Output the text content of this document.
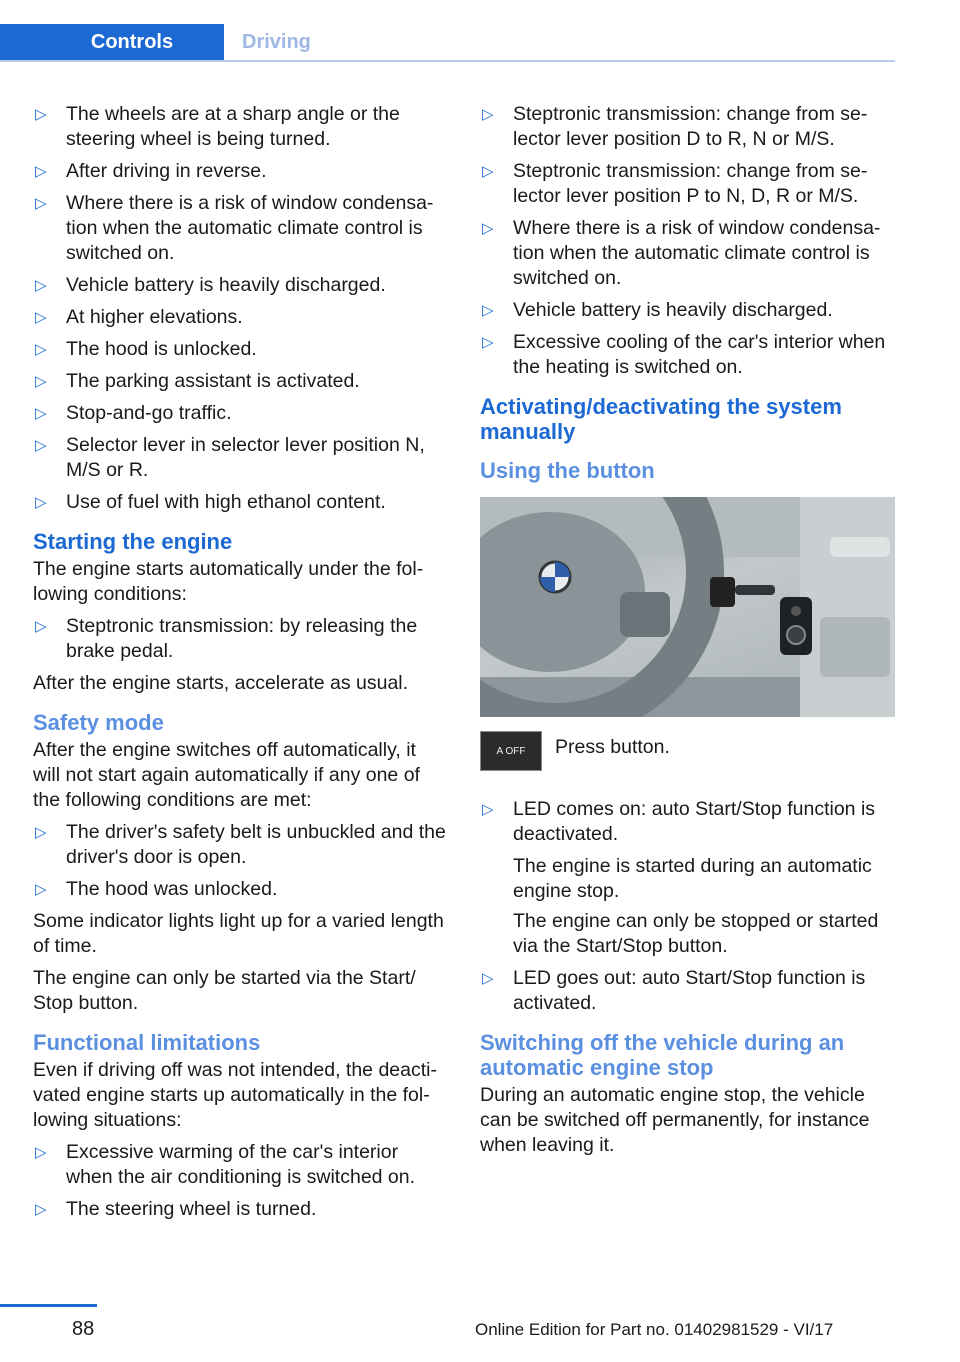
Controls	Driving
▷ The wheels are at a sharp angle or the steering wheel is being turned.
▷ After driving in reverse.
▷ Where there is a risk of window condensation when the automatic climate control is switched on.
▷ Vehicle battery is heavily discharged.
▷ At higher elevations.
▷ The hood is unlocked.
▷ The parking assistant is activated.
▷ Stop-and-go traffic.
▷ Selector lever in selector lever position N, M/S or R.
▷ Use of fuel with high ethanol content.
Starting the engine

The engine starts automatically under the following conditions:

▷ Steptronic transmission: by releasing the brake pedal.

After the engine starts, accelerate as usual.

Safety mode

After the engine switches off automatically, it will not start again automatically if any one of the following conditions are met:

▷ The driver's safety belt is unbuckled and the driver's door is open.
▷ The hood was unlocked.

Some indicator lights light up for a varied length of time.

The engine can only be started via the Start/ Stop button.

Functional limitations

Even if driving off was not intended, the deactivated engine starts up automatically in the following situations:

▷ Excessive warming of the car's interior when the air conditioning is switched on.
▷ The steering wheel is turned.
▷ Steptronic transmission: change from selector lever position D to R, N or M/S.
▷ Steptronic transmission: change from selector lever position P to N, D, R or M/S.
▷ Where there is a risk of window condensation when the automatic climate control is switched on.
▷ Vehicle battery is heavily discharged.
▷ Excessive cooling of the car's interior when the heating is switched on.
Activating/deactivating the system manually
Using the button
A OFF	Press button.
▷ LED comes on: auto Start/Stop function is deactivated.
The engine is started during an automatic engine stop.
The engine can only be stopped or started via the Start/Stop button.
▷ LED goes out: auto Start/Stop function is activated.
Switching off the vehicle during an automatic engine stop

During an automatic engine stop, the vehicle can be switched off permanently, for instance when leaving it.

88	Online Edition for Part no. 01402981529 - VI/17
